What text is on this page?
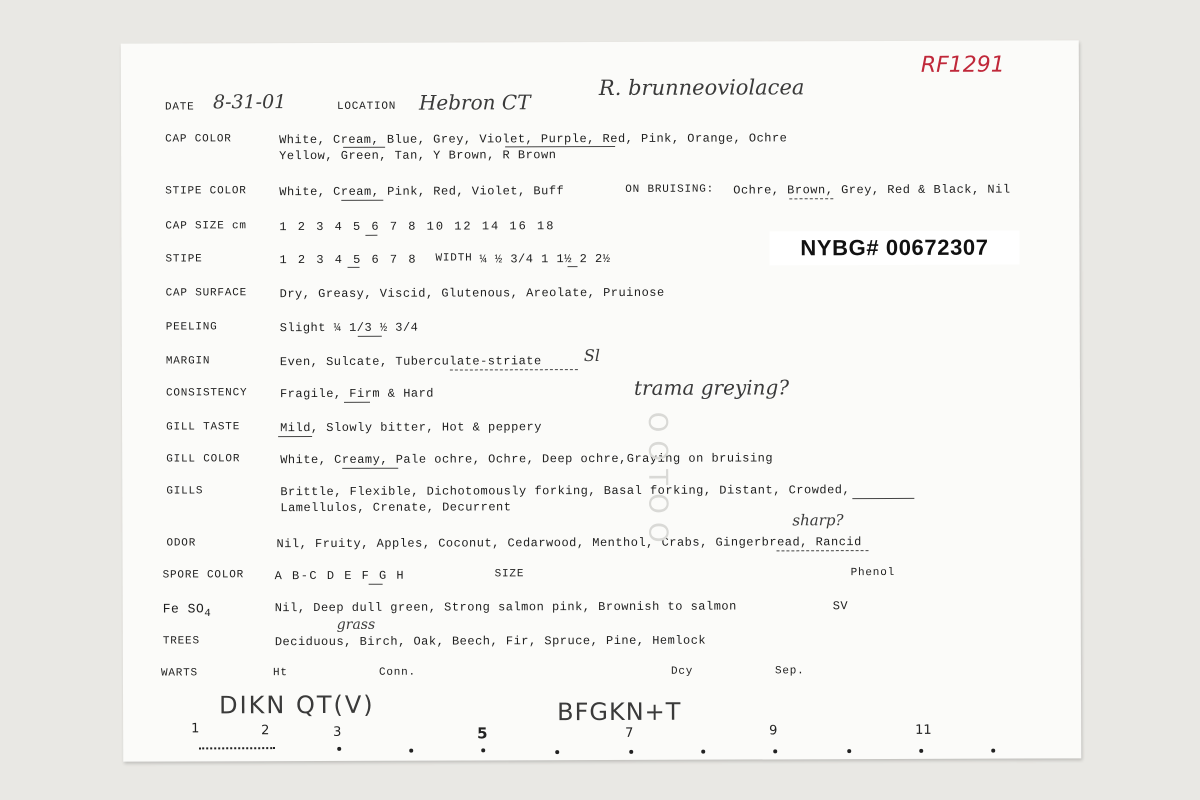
DATE 8-31-01	LOCATION Hebron CT
R. brunneoviolacea
RF1291
CAP COLOR	White, Cream, Blue, Grey, Violet, Purple, Red, Pink, Orange, Ochre
Yellow, Green, Tan, Y Brown, R Brown
STIPE COLOR	White, Cream, Pink, Red, Violet, Buff	ON BRUISING: Ochre, Brown, Grey, Red & Black, Nil
CAP SIZE cm	1 2 3 4 5 6 7 8 10 12 14 16 18
STIPE	1 2 3 4 5 6 7 8 WIDTH ¼ ½ 3/4 1 1½ 2 2½	NYBG# 00672307
CAP SURFACE	Dry, Greasy, Viscid, Glutenous, Areolate, Pruinose
PEELING	Slight ¼ 1/3 ½ 3/4
MARGIN	Even, Sulcate, Tuberculate-striate	Sl
CONSISTENCY	Fragile, Firm & Hard	trama greying?
GILL TASTE	Mild, Slowly bitter, Hot & peppery
GILL COLOR	White, Creamy, Pale ochre, Ochre, Deep ochre,Graying on bruising
GILLS	Brittle, Flexible, Dichotomously forking, Basal forking, Distant, Crowded,
Lamellulos, Crenate, Decurrent
sharp?
ODOR	Nil, Fruity, Apples, Coconut, Cedarwood, Menthol, Crabs, Gingerbread, Rancid
SPORE COLOR	A B-C D E F G H	SIZE	Phenol
Fe $SO_4$	Nil, Deep dull green, Strong salmon pink, Brownish to salmon	SV
grass
TREES	Deciduous, Birch, Oak, Beech, Fir, Spruce, Pine, Hemlock
WARTS	Ht	Conn.	Dcy	Sep.
DIKN QT(V)	BFGKN+T
1	2	3	5	7	9	11
O O T O O
